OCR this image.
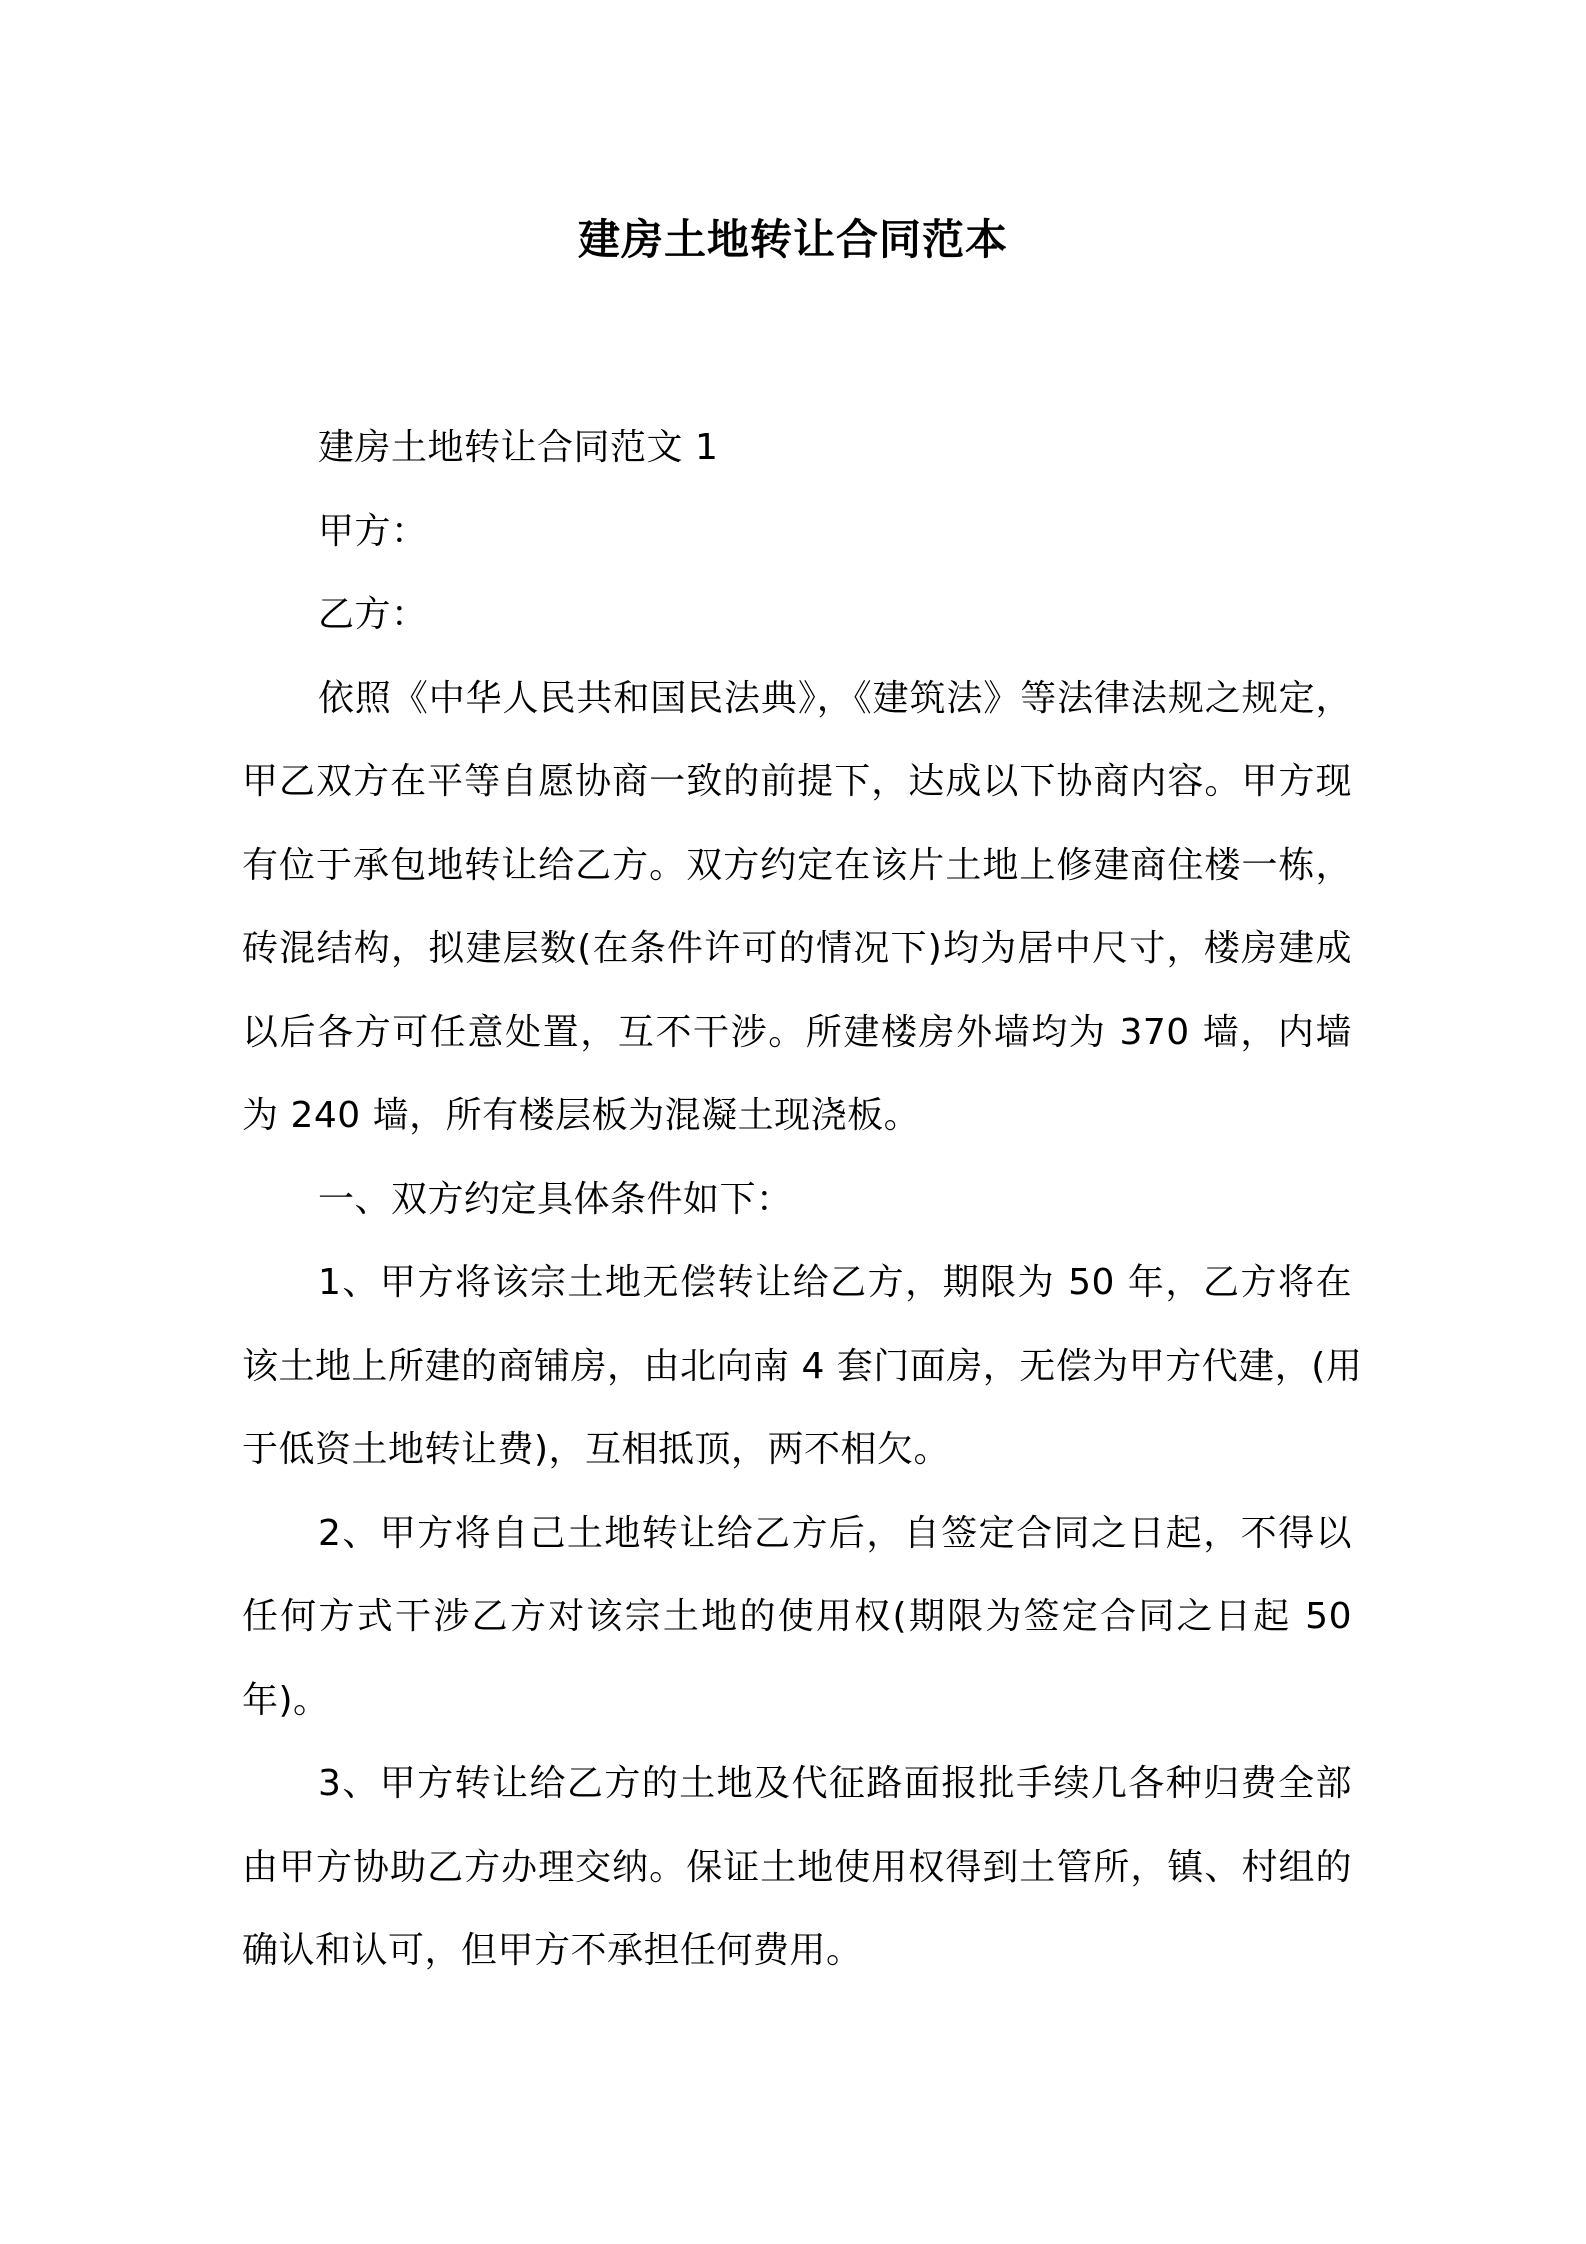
建房土地转让合同范本
建房土地转让合同范文 1
甲方：
乙方：
依照《中华人民共和国民法典》，《建筑法》等法律法规之规定，
甲乙双方在平等自愿协商一致的前提下，达成以下协商内容。甲方现
有位于承包地转让给乙方。双方约定在该片土地上修建商住楼一栋，
砖混结构，拟建层数(在条件许可的情况下)均为居中尺寸，楼房建成
以后各方可任意处置，互不干涉。所建楼房外墙均为 370 墙，内墙
为 240 墙，所有楼层板为混凝土现浇板。
一、双方约定具体条件如下：
1、甲方将该宗土地无偿转让给乙方，期限为 50 年，乙方将在
该土地上所建的商铺房，由北向南 4 套门面房，无偿为甲方代建，(用
于低资土地转让费)，互相抵顶，两不相欠。
2、甲方将自己土地转让给乙方后，自签定合同之日起，不得以
任何方式干涉乙方对该宗土地的使用权(期限为签定合同之日起 50
年)。
3、甲方转让给乙方的土地及代征路面报批手续几各种归费全部
由甲方协助乙方办理交纳。保证土地使用权得到土管所，镇、村组的
确认和认可，但甲方不承担任何费用。
